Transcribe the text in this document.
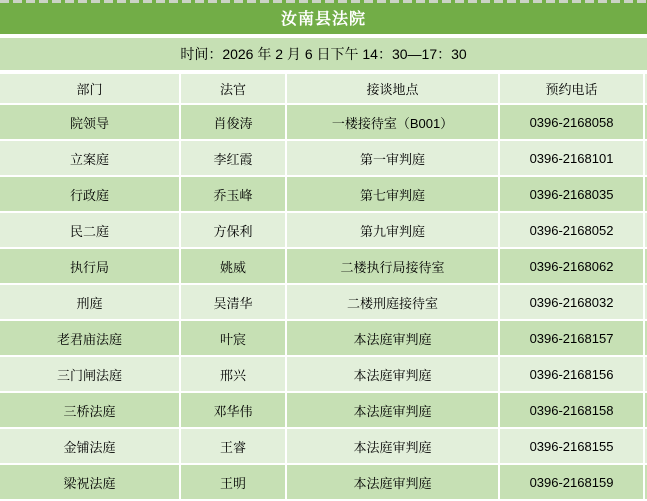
汝南县法院
时间：2026 年 2 月 6 日下午 14：30—17：30
部门	法官	接谈地点	预约电话
院领导	肖俊涛	一楼接待室（B001）	0396-2168058
立案庭	李红霞	第一审判庭	0396-2168101
行政庭	乔玉峰	第七审判庭	0396-2168035
民二庭	方保利	第九审判庭	0396-2168052
执行局	姚威	二楼执行局接待室	0396-2168062
刑庭	吴清华	二楼刑庭接待室	0396-2168032
老君庙法庭	叶宸	本法庭审判庭	0396-2168157
三门闸法庭	邢兴	本法庭审判庭	0396-2168156
三桥法庭	邓华伟	本法庭审判庭	0396-2168158
金铺法庭	王睿	本法庭审判庭	0396-2168155
梁祝法庭	王明	本法庭审判庭	0396-2168159
